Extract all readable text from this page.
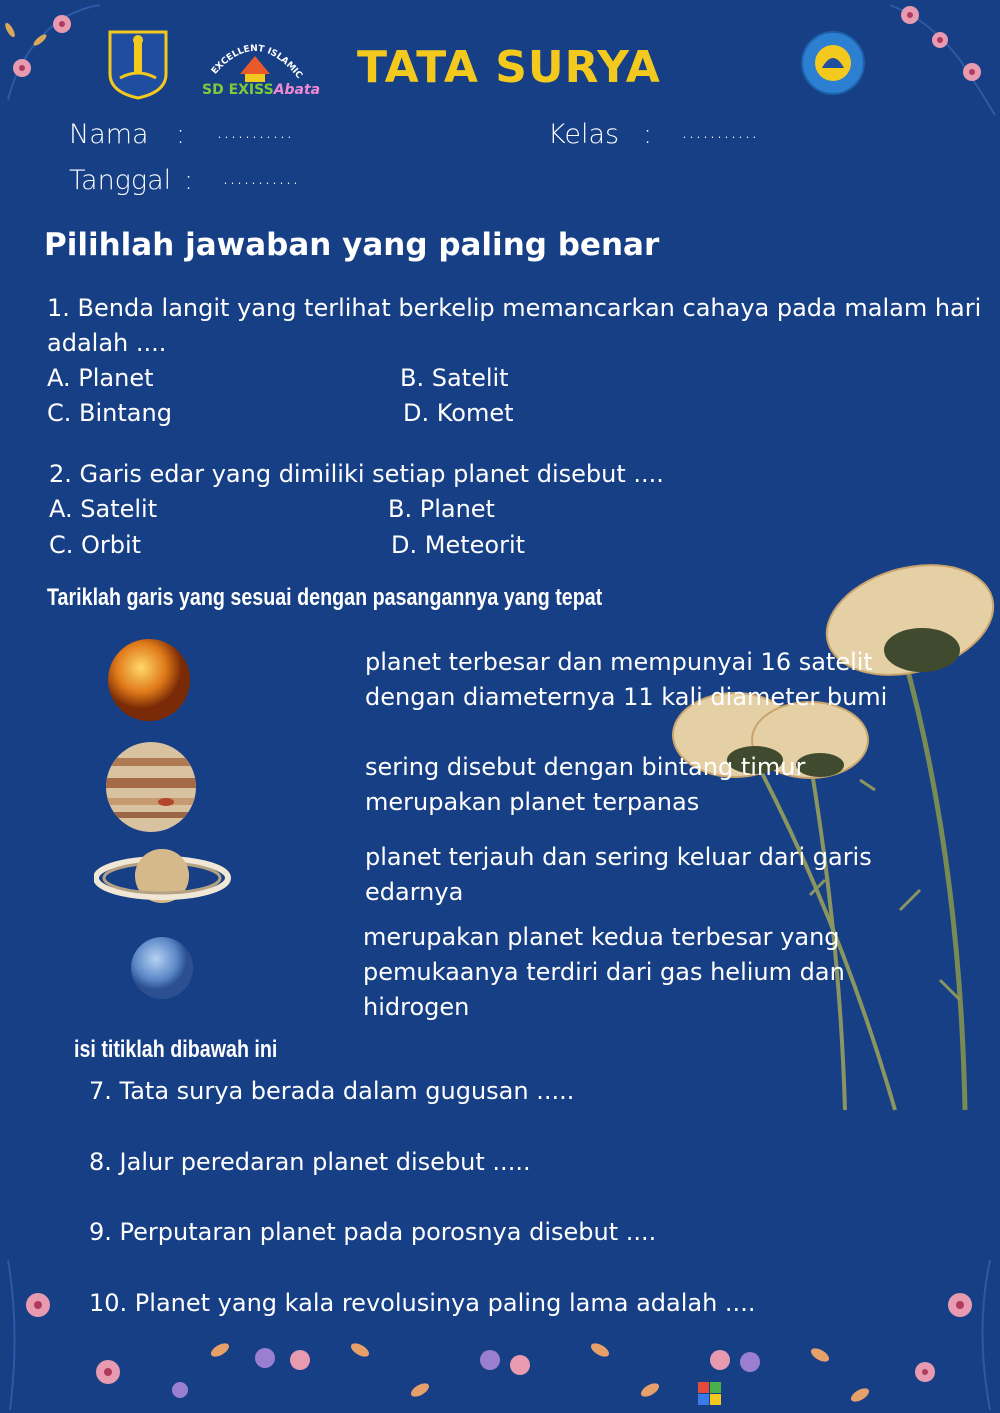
EXCELLENT ISLAMIC
SD EXISSAbata TATA SURYA
Nama : ...........	Kelas : ...........
Tanggal : ...........
Pilihlah jawaban yang paling benar
1. Benda langit yang terlihat berkelip memancarkan cahaya pada malam hari
adalah ....
A. Planet	B. Satelit
C. Bintang	D. Komet
2. Garis edar yang dimiliki setiap planet disebut ....
A. Satelit	B. Planet
C. Orbit	D. Meteorit
Tariklah garis yang sesuai dengan pasangannya yang tepat
planet terbesar dan mempunyai 16 satelit
dengan diameternya 11 kali diameter bumi
sering disebut dengan bintang timur
merupakan planet terpanas
planet terjauh dan sering keluar dari garis
edarnya
merupakan planet kedua terbesar yang
pemukaanya terdiri dari gas helium dan
hidrogen
isi titiklah dibawah ini
7. Tata surya berada dalam gugusan .....
8. Jalur peredaran planet disebut .....
9. Perputaran planet pada porosnya disebut ....
10. Planet yang kala revolusinya paling lama adalah ....
